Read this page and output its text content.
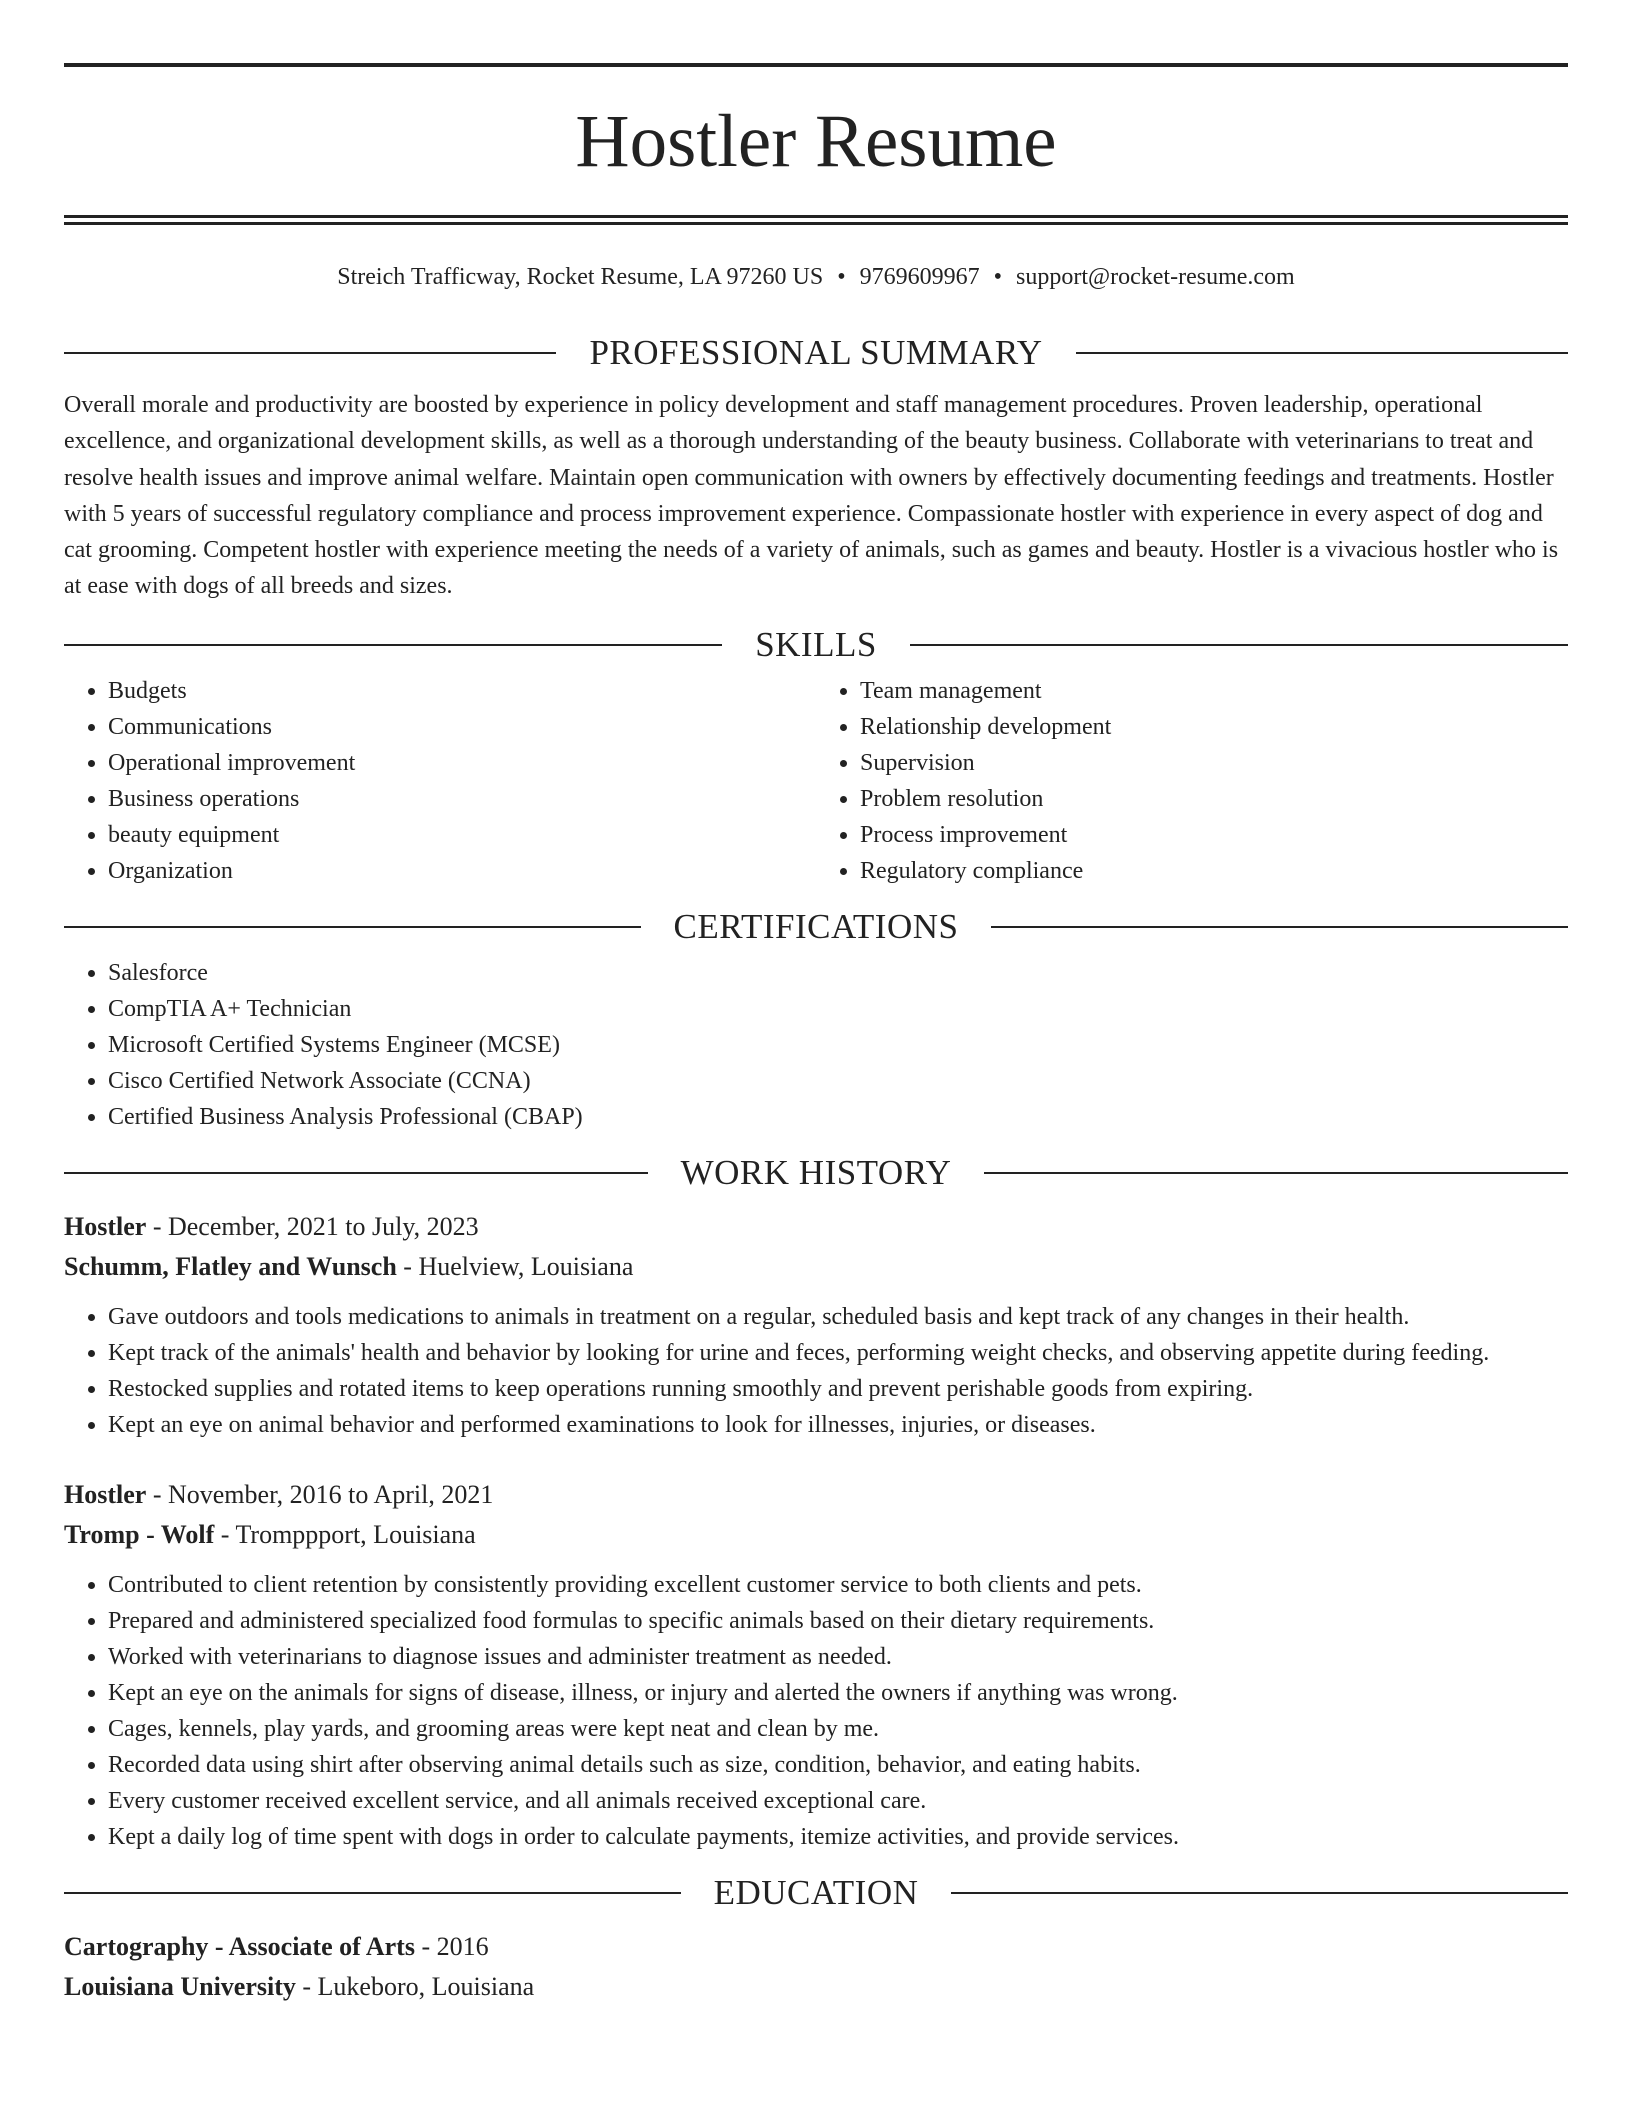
Hostler Resume
Streich Trafficway, Rocket Resume, LA 97260 US • 9769609967 • support@rocket-resume.com
PROFESSIONAL SUMMARY
Overall morale and productivity are boosted by experience in policy development and staff management procedures. Proven leadership, operational excellence, and organizational development skills, as well as a thorough understanding of the beauty business. Collaborate with veterinarians to treat and resolve health issues and improve animal welfare. Maintain open communication with owners by effectively documenting feedings and treatments. Hostler with 5 years of successful regulatory compliance and process improvement experience. Compassionate hostler with experience in every aspect of dog and cat grooming. Competent hostler with experience meeting the needs of a variety of animals, such as games and beauty. Hostler is a vivacious hostler who is at ease with dogs of all breeds and sizes.
SKILLS
• Budgets
• Communications
• Operational improvement
• Business operations
• beauty equipment
• Organization
• Team management
• Relationship development
• Supervision
• Problem resolution
• Process improvement
• Regulatory compliance
CERTIFICATIONS
• Salesforce
• CompTIA A+ Technician
• Microsoft Certified Systems Engineer (MCSE)
• Cisco Certified Network Associate (CCNA)
• Certified Business Analysis Professional (CBAP)
WORK HISTORY
Hostler - December, 2021 to July, 2023
Schumm, Flatley and Wunsch - Huelview, Louisiana
• Gave outdoors and tools medications to animals in treatment on a regular, scheduled basis and kept track of any changes in their health.
• Kept track of the animals' health and behavior by looking for urine and feces, performing weight checks, and observing appetite during feeding.
• Restocked supplies and rotated items to keep operations running smoothly and prevent perishable goods from expiring.
• Kept an eye on animal behavior and performed examinations to look for illnesses, injuries, or diseases.
Hostler - November, 2016 to April, 2021
Tromp - Wolf - Tromppport, Louisiana
• Contributed to client retention by consistently providing excellent customer service to both clients and pets.
• Prepared and administered specialized food formulas to specific animals based on their dietary requirements.
• Worked with veterinarians to diagnose issues and administer treatment as needed.
• Kept an eye on the animals for signs of disease, illness, or injury and alerted the owners if anything was wrong.
• Cages, kennels, play yards, and grooming areas were kept neat and clean by me.
• Recorded data using shirt after observing animal details such as size, condition, behavior, and eating habits.
• Every customer received excellent service, and all animals received exceptional care.
• Kept a daily log of time spent with dogs in order to calculate payments, itemize activities, and provide services.
EDUCATION
Cartography - Associate of Arts - 2016
Louisiana University - Lukeboro, Louisiana
